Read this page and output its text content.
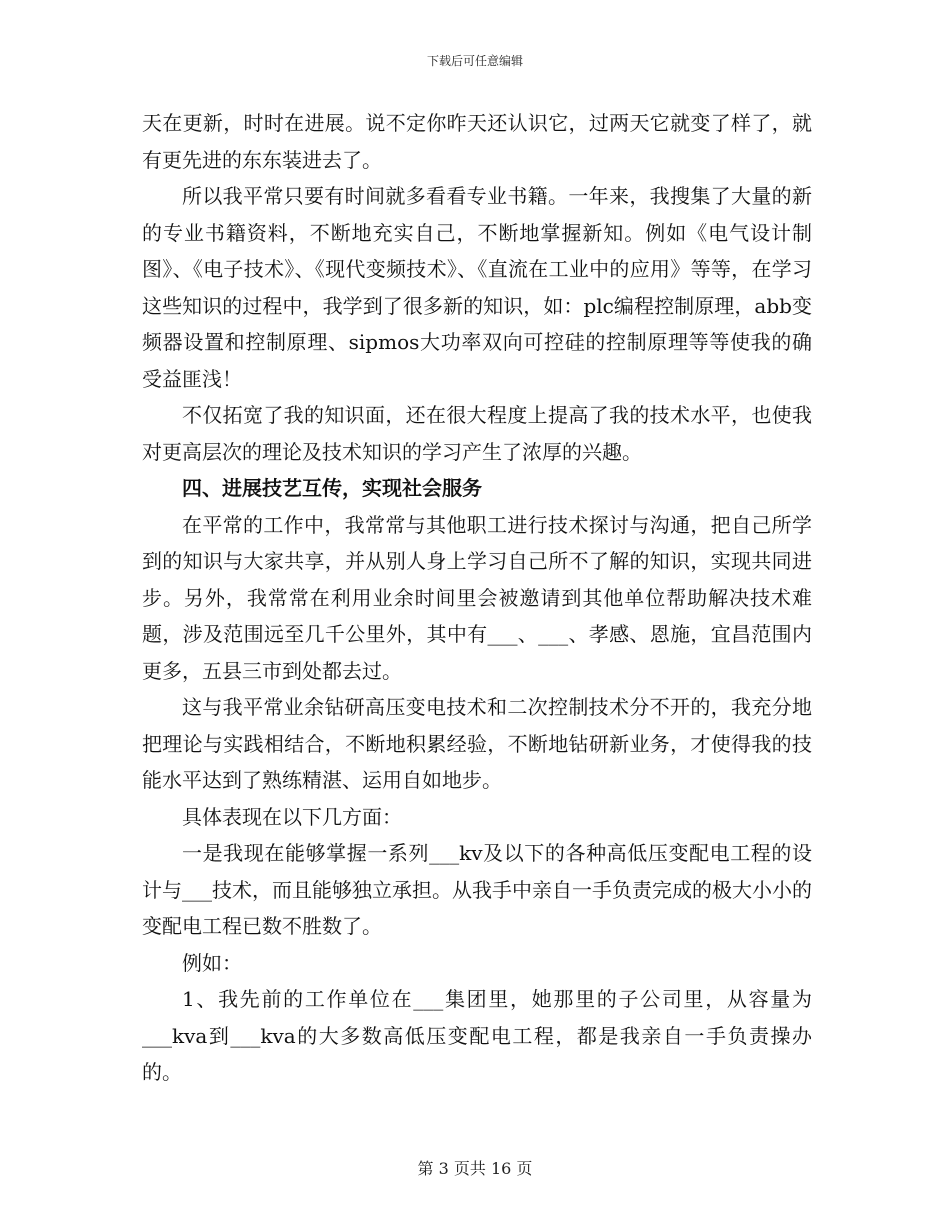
下载后可任意编辑

天在更新，时时在进展。说不定你昨天还认识它，过两天它就变了样了，就有更先进的东东装进去了。

所以我平常只要有时间就多看看专业书籍。一年来，我搜集了大量的新的专业书籍资料，不断地充实自己，不断地掌握新知。例如《电气设计制图》、《电子技术》、《现代变频技术》、《直流在工业中的应用》等等，在学习这些知识的过程中，我学到了很多新的知识，如：plc编程控制原理，abb变频器设置和控制原理、sipmos大功率双向可控硅的控制原理等等使我的确受益匪浅！

不仅拓宽了我的知识面，还在很大程度上提高了我的技术水平，也使我对更高层次的理论及技术知识的学习产生了浓厚的兴趣。

四、进展技艺互传，实现社会服务

在平常的工作中，我常常与其他职工进行技术探讨与沟通，把自己所学到的知识与大家共享，并从别人身上学习自己所不了解的知识，实现共同进步。另外，我常常在利用业余时间里会被邀请到其他单位帮助解决技术难题，涉及范围远至几千公里外，其中有___、___、孝感、恩施，宜昌范围内更多，五县三市到处都去过。

这与我平常业余钻研高压变电技术和二次控制技术分不开的，我充分地把理论与实践相结合，不断地积累经验，不断地钻研新业务，才使得我的技能水平达到了熟练精湛、运用自如地步。

具体表现在以下几方面：

一是我现在能够掌握一系列___kv及以下的各种高低压变配电工程的设计与___技术，而且能够独立承担。从我手中亲自一手负责完成的极大小小的变配电工程已数不胜数了。

例如：

1、我先前的工作单位在___集团里，她那里的子公司里，从容量为___kva到___kva的大多数高低压变配电工程，都是我亲自一手负责操办的。

第 3 页共 16 页
